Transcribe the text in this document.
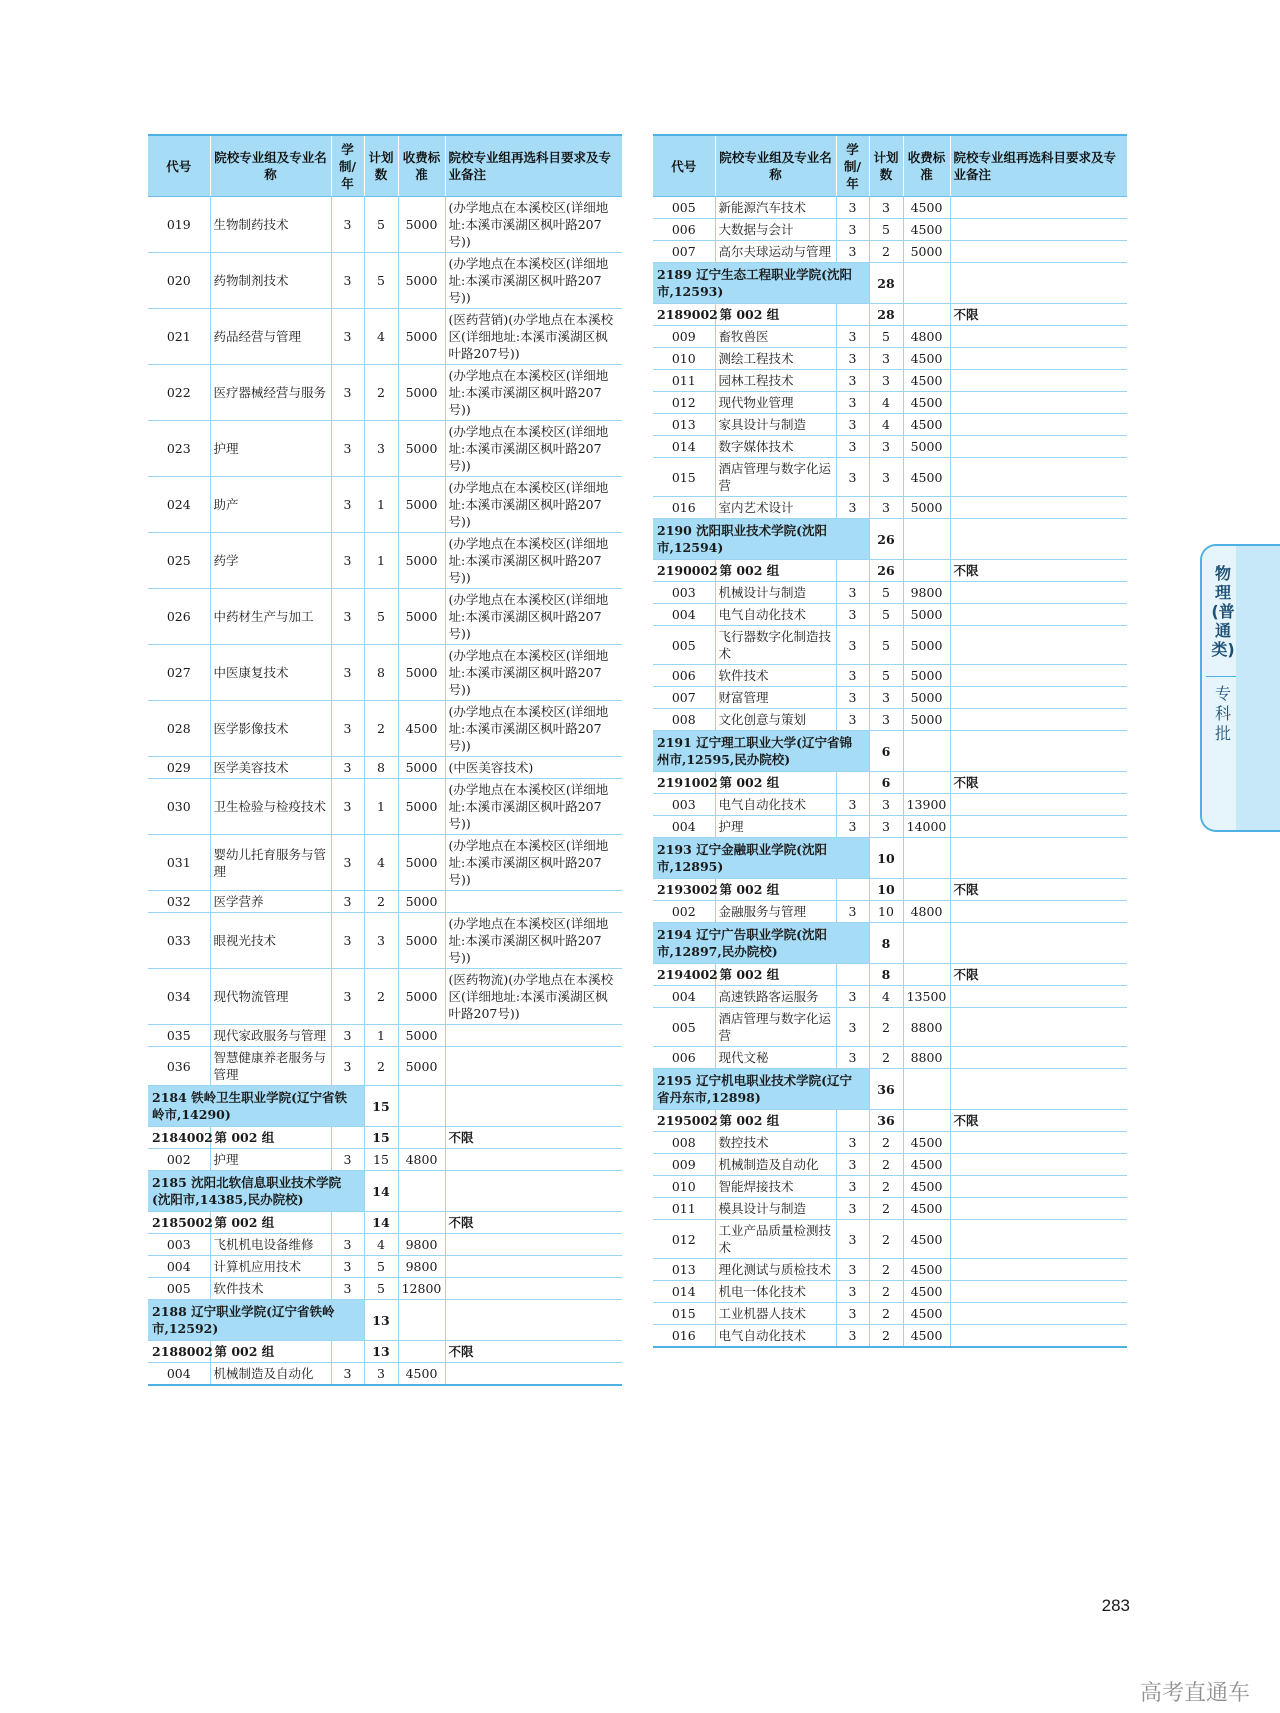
代号	院校专业组及专业名称	学制/年	计划数	收费标准	院校专业组再选科目要求及专业备注
019	生物制药技术	3	5	5000	(办学地点在本溪校区(详细地址:本溪市溪湖区枫叶路207号))
020	药物制剂技术	3	5	5000	(办学地点在本溪校区(详细地址:本溪市溪湖区枫叶路207号))
021	药品经营与管理	3	4	5000	(医药营销)(办学地点在本溪校区(详细地址:本溪市溪湖区枫叶路207号))
022	医疗器械经营与服务	3	2	5000	(办学地点在本溪校区(详细地址:本溪市溪湖区枫叶路207号))
023	护理	3	3	5000	(办学地点在本溪校区(详细地址:本溪市溪湖区枫叶路207号))
024	助产	3	1	5000	(办学地点在本溪校区(详细地址:本溪市溪湖区枫叶路207号))
025	药学	3	1	5000	(办学地点在本溪校区(详细地址:本溪市溪湖区枫叶路207号))
026	中药材生产与加工	3	5	5000	(办学地点在本溪校区(详细地址:本溪市溪湖区枫叶路207号))
027	中医康复技术	3	8	5000	(办学地点在本溪校区(详细地址:本溪市溪湖区枫叶路207号))
028	医学影像技术	3	2	4500	(办学地点在本溪校区(详细地址:本溪市溪湖区枫叶路207号))
029	医学美容技术	3	8	5000	(中医美容技术)
030	卫生检验与检疫技术	3	1	5000	(办学地点在本溪校区(详细地址:本溪市溪湖区枫叶路207号))
031	婴幼儿托育服务与管理	3	4	5000	(办学地点在本溪校区(详细地址:本溪市溪湖区枫叶路207号))
032	医学营养	3	2	5000	
033	眼视光技术	3	3	5000	(办学地点在本溪校区(详细地址:本溪市溪湖区枫叶路207号))
034	现代物流管理	3	2	5000	(医药物流)(办学地点在本溪校区(详细地址:本溪市溪湖区枫叶路207号))
035	现代家政服务与管理	3	1	5000	
036	智慧健康养老服务与管理	3	2	5000	
2184 铁岭卫生职业学院(辽宁省铁岭市,14290)			15		
2184002	第 002 组		15		不限
002	护理	3	15	4800	
2185 沈阳北软信息职业技术学院(沈阳市,14385,民办院校)			14		
2185002	第 002 组		14		不限
003	飞机机电设备维修	3	4	9800	
004	计算机应用技术	3	5	9800	
005	软件技术	3	5	12800	
2188 辽宁职业学院(辽宁省铁岭市,12592)			13		
2188002	第 002 组		13		不限
004	机械制造及自动化	3	3	4500	
代号	院校专业组及专业名称	学制/年	计划数	收费标准	院校专业组再选科目要求及专业备注
005	新能源汽车技术	3	3	4500	
006	大数据与会计	3	5	4500	
007	高尔夫球运动与管理	3	2	5000	
2189 辽宁生态工程职业学院(沈阳市,12593)			28		
2189002	第 002 组		28		不限
009	畜牧兽医	3	5	4800	
010	测绘工程技术	3	3	4500	
011	园林工程技术	3	3	4500	
012	现代物业管理	3	4	4500	
013	家具设计与制造	3	4	4500	
014	数字媒体技术	3	3	5000	
015	酒店管理与数字化运营	3	3	4500	
016	室内艺术设计	3	3	5000	
2190 沈阳职业技术学院(沈阳市,12594)			26		
2190002	第 002 组		26		不限
003	机械设计与制造	3	5	9800	
004	电气自动化技术	3	5	5000	
005	飞行器数字化制造技术	3	5	5000	
006	软件技术	3	5	5000	
007	财富管理	3	3	5000	
008	文化创意与策划	3	3	5000	
2191 辽宁理工职业大学(辽宁省锦州市,12595,民办院校)			6		
2191002	第 002 组		6		不限
003	电气自动化技术	3	3	13900	
004	护理	3	3	14000	
2193 辽宁金融职业学院(沈阳市,12895)			10		
2193002	第 002 组		10		不限
002	金融服务与管理	3	10	4800	
2194 辽宁广告职业学院(沈阳市,12897,民办院校)			8		
2194002	第 002 组		8		不限
004	高速铁路客运服务	3	4	13500	
005	酒店管理与数字化运营	3	2	8800	
006	现代文秘	3	2	8800	
2195 辽宁机电职业技术学院(辽宁省丹东市,12898)			36		
2195002	第 002 组		36		不限
008	数控技术	3	2	4500	
009	机械制造及自动化	3	2	4500	
010	智能焊接技术	3	2	4500	
011	模具设计与制造	3	2	4500	
012	工业产品质量检测技术	3	2	4500	
013	理化测试与质检技术	3	2	4500	
014	机电一体化技术	3	2	4500	
015	工业机器人技术	3	2	4500	
016	电气自动化技术	3	2	4500	
物理(普通类)
专科批
283
高考直通车
